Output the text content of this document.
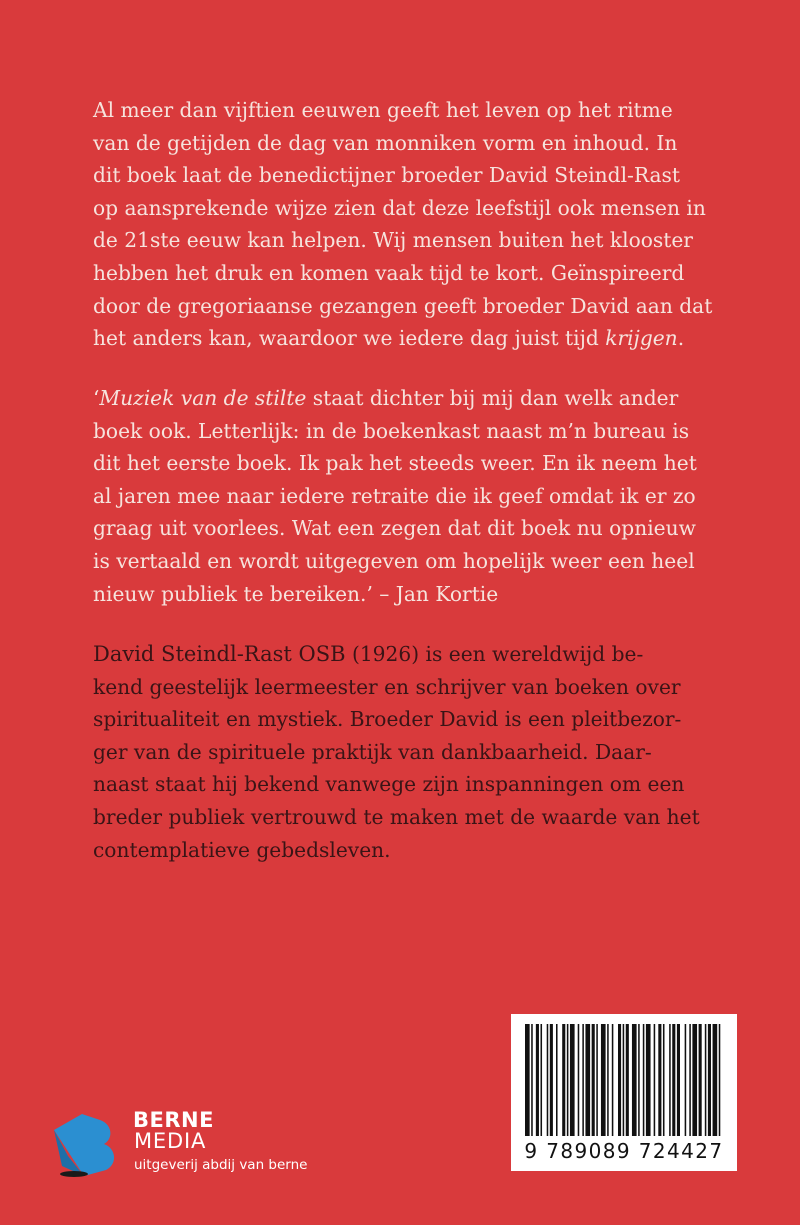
Al meer dan vijftien eeuwen geeft het leven op het ritme
van de getijden de dag van monniken vorm en inhoud. In
dit boek laat de benedictijner broeder David Steindl-Rast
op aansprekende wijze zien dat deze leefstijl ook mensen in
de 21ste eeuw kan helpen. Wij mensen buiten het klooster
hebben het druk en komen vaak tijd te kort. Geïnspireerd
door de gregoriaanse gezangen geeft broeder David aan dat
het anders kan, waardoor we iedere dag juist tijd krijgen.

‘Muziek van de stilte staat dichter bij mij dan welk ander
boek ook. Letterlijk: in de boekenkast naast m’n bureau is
dit het eerste boek. Ik pak het steeds weer. En ik neem het
al jaren mee naar iedere retraite die ik geef omdat ik er zo
graag uit voorlees. Wat een zegen dat dit boek nu opnieuw
is vertaald en wordt uitgegeven om hopelijk weer een heel
nieuw publiek te bereiken.’ – Jan Kortie

David Steindl-Rast OSB (1926) is een wereldwijd be-
kend geestelijk leermeester en schrijver van boeken over
spiritualiteit en mystiek. Broeder David is een pleitbezor-
ger van de spirituele praktijk van dankbaarheid. Daar-
naast staat hij bekend vanwege zijn inspanningen om een
breder publiek vertrouwd te maken met de waarde van het
contemplatieve gebedsleven.

9 789089 724427
BERNE
MEDIA
uitgeverij abdij van berne
